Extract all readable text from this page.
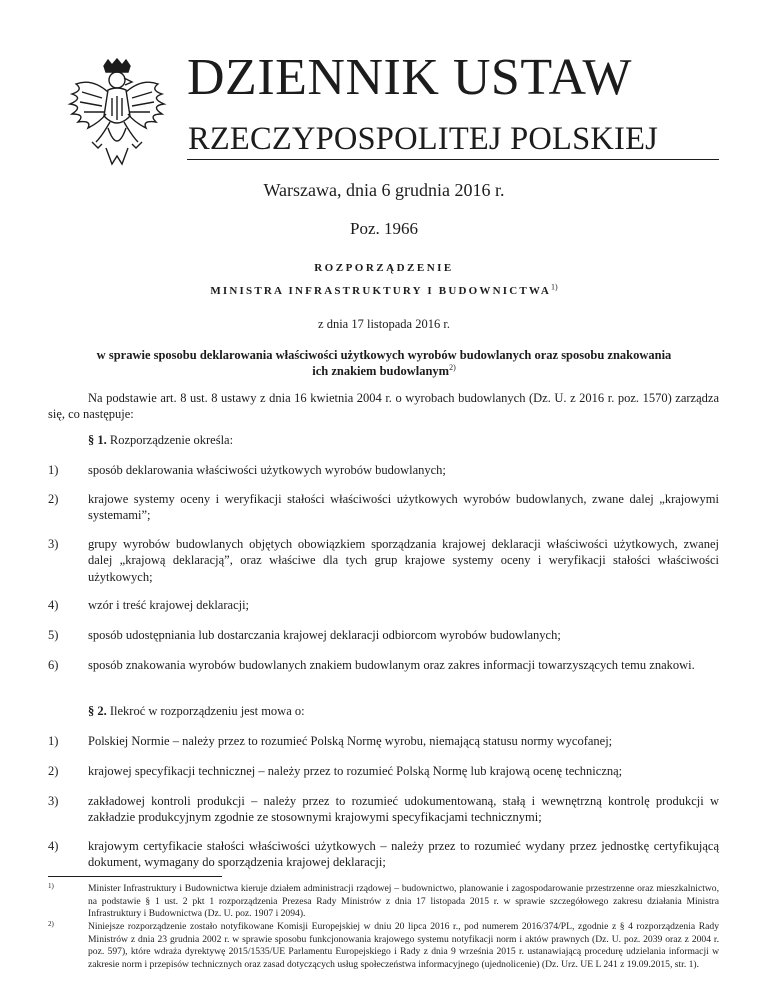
DZIENNIK USTAW
RZECZYPOSPOLITEJ POLSKIEJ
Warszawa, dnia 6 grudnia 2016 r.
Poz. 1966
ROZPORZĄDZENIE
MINISTRA INFRASTRUKTURY I BUDOWNICTWA$^{1)}$
z dnia 17 listopada 2016 r.
w sprawie sposobu deklarowania właściwości użytkowych wyrobów budowlanych oraz sposobu znakowania
ich znakiem budowlanym$^{2)}$
Na podstawie art. 8 ust. 8 ustawy z dnia 16 kwietnia 2004 r. o wyrobach budowlanych (Dz. U. z 2016 r. poz. 1570) zarządza się, co następuje:
§ 1. Rozporządzenie określa:
1) sposób deklarowania właściwości użytkowych wyrobów budowlanych;
2) krajowe systemy oceny i weryfikacji stałości właściwości użytkowych wyrobów budowlanych, zwane dalej „krajowymi systemami”;
3) grupy wyrobów budowlanych objętych obowiązkiem sporządzania krajowej deklaracji właściwości użytkowych, zwanej dalej „krajową deklaracją”, oraz właściwe dla tych grup krajowe systemy oceny i weryfikacji stałości właściwości użytkowych;
4) wzór i treść krajowej deklaracji;
5) sposób udostępniania lub dostarczania krajowej deklaracji odbiorcom wyrobów budowlanych;
6) sposób znakowania wyrobów budowlanych znakiem budowlanym oraz zakres informacji towarzyszących temu znakowi.
§ 2. Ilekroć w rozporządzeniu jest mowa o:
1) Polskiej Normie – należy przez to rozumieć Polską Normę wyrobu, niemającą statusu normy wycofanej;
2) krajowej specyfikacji technicznej – należy przez to rozumieć Polską Normę lub krajową ocenę techniczną;
3) zakładowej kontroli produkcji – należy przez to rozumieć udokumentowaną, stałą i wewnętrzną kontrolę produkcji w zakładzie produkcyjnym zgodnie ze stosownymi krajowymi specyfikacjami technicznymi;
4) krajowym certyfikacie stałości właściwości użytkowych – należy przez to rozumieć wydany przez jednostkę certyfikującą dokument, wymagany do sporządzenia krajowej deklaracji;
1)	Minister Infrastruktury i Budownictwa kieruje działem administracji rządowej – budownictwo, planowanie i zagospodarowanie przestrzenne oraz mieszkalnictwo, na podstawie § 1 ust. 2 pkt 1 rozporządzenia Prezesa Rady Ministrów z dnia 17 listopada 2015 r. w sprawie szczegółowego zakresu działania Ministra Infrastruktury i Budownictwa (Dz. U. poz. 1907 i 2094).
2)	Niniejsze rozporządzenie zostało notyfikowane Komisji Europejskiej w dniu 20 lipca 2016 r., pod numerem 2016/374/PL, zgodnie z § 4 rozporządzenia Rady Ministrów z dnia 23 grudnia 2002 r. w sprawie sposobu funkcjonowania krajowego systemu notyfikacji norm i aktów prawnych (Dz. U. poz. 2039 oraz z 2004 r. poz. 597), które wdraża dyrektywę 2015/1535/UE Parlamentu Europejskiego i Rady z dnia 9 września 2015 r. ustanawiającą procedurę udzielania informacji w zakresie norm i przepisów technicznych oraz zasad dotyczących usług społeczeństwa informacyjnego (ujednolicenie) (Dz. Urz. UE L 241 z 19.09.2015, str. 1).
